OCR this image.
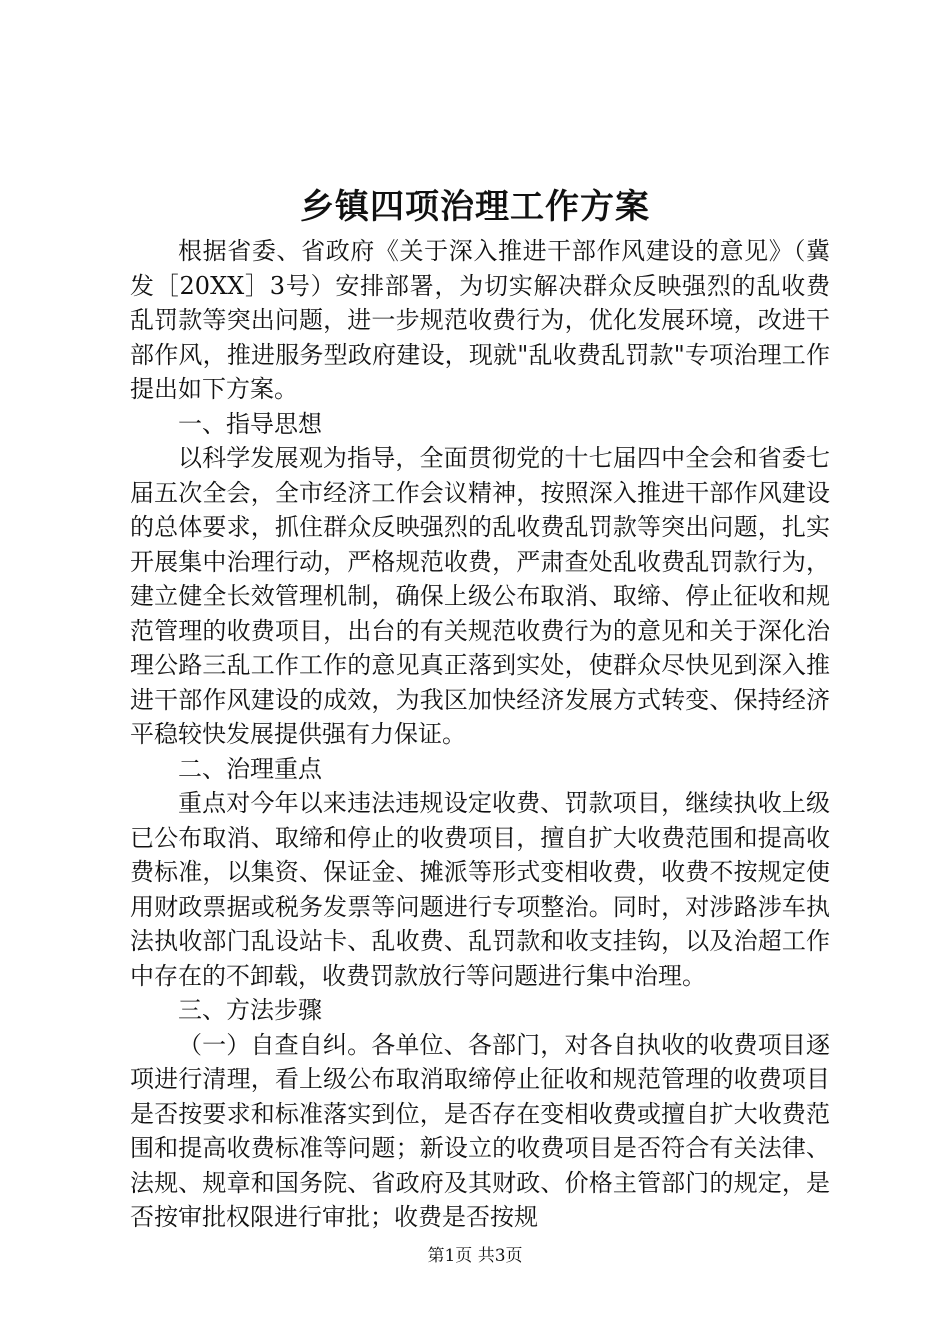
乡镇四项治理工作方案

根据省委、省政府《关于深入推进干部作风建设的意见》（冀发［20XX］3号）安排部署，为切实解决群众反映强烈的乱收费乱罚款等突出问题，进一步规范收费行为，优化发展环境，改进干部作风，推进服务型政府建设，现就"乱收费乱罚款"专项治理工作提出如下方案。

一、指导思想

以科学发展观为指导，全面贯彻党的十七届四中全会和省委七届五次全会，全市经济工作会议精神，按照深入推进干部作风建设的总体要求，抓住群众反映强烈的乱收费乱罚款等突出问题，扎实开展集中治理行动，严格规范收费，严肃查处乱收费乱罚款行为，建立健全长效管理机制，确保上级公布取消、取缔、停止征收和规范管理的收费项目，出台的有关规范收费行为的意见和关于深化治理公路三乱工作工作的意见真正落到实处，使群众尽快见到深入推进干部作风建设的成效，为我区加快经济发展方式转变、保持经济平稳较快发展提供强有力保证。

二、治理重点

重点对今年以来违法违规设定收费、罚款项目，继续执收上级已公布取消、取缔和停止的收费项目，擅自扩大收费范围和提高收费标准，以集资、保证金、摊派等形式变相收费，收费不按规定使用财政票据或税务发票等问题进行专项整治。同时，对涉路涉车执法执收部门乱设站卡、乱收费、乱罚款和收支挂钩，以及治超工作中存在的不卸载，收费罚款放行等问题进行集中治理。

三、方法步骤

（一）自查自纠。各单位、各部门，对各自执收的收费项目逐项进行清理，看上级公布取消取缔停止征收和规范管理的收费项目是否按要求和标准落实到位，是否存在变相收费或擅自扩大收费范围和提高收费标准等问题；新设立的收费项目是否符合有关法律、法规、规章和国务院、省政府及其财政、价格主管部门的规定，是否按审批权限进行审批；收费是否按规

第1页 共3页
